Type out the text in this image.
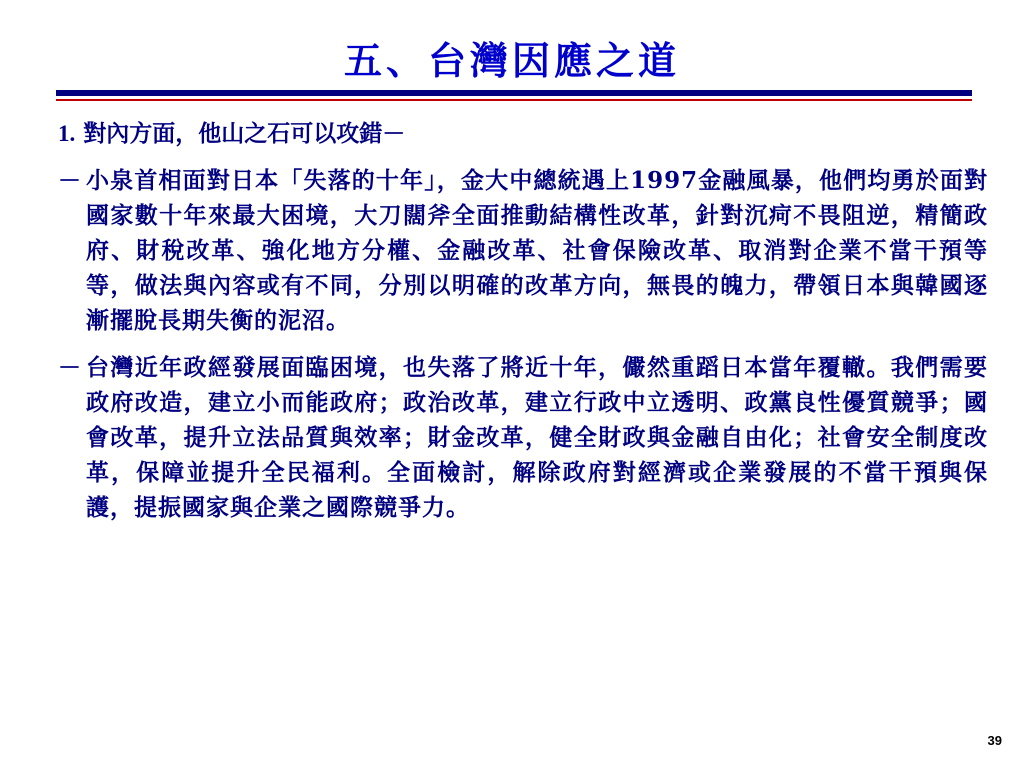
五、台灣因應之道
1. 對內方面，他山之石可以攻錯－
－ 小泉首相面對日本「失落的十年」，金大中總統遇上1997金融風暴，他們均勇於面對國家數十年來最大困境，大刀闊斧全面推動結構性改革，針對沉疴不畏阻逆，精簡政府、財稅改革、強化地方分權、金融改革、社會保險改革、取消對企業不當干預等等，做法與內容或有不同，分別以明確的改革方向，無畏的魄力，帶領日本與韓國逐漸擺脫長期失衡的泥沼。
－ 台灣近年政經發展面臨困境，也失落了將近十年，儼然重蹈日本當年覆轍。我們需要政府改造，建立小而能政府；政治改革，建立行政中立透明、政黨良性優質競爭；國會改革，提升立法品質與效率；財金改革，健全財政與金融自由化；社會安全制度改革，保障並提升全民福利。全面檢討，解除政府對經濟或企業發展的不當干預與保護，提振國家與企業之國際競爭力。
39
